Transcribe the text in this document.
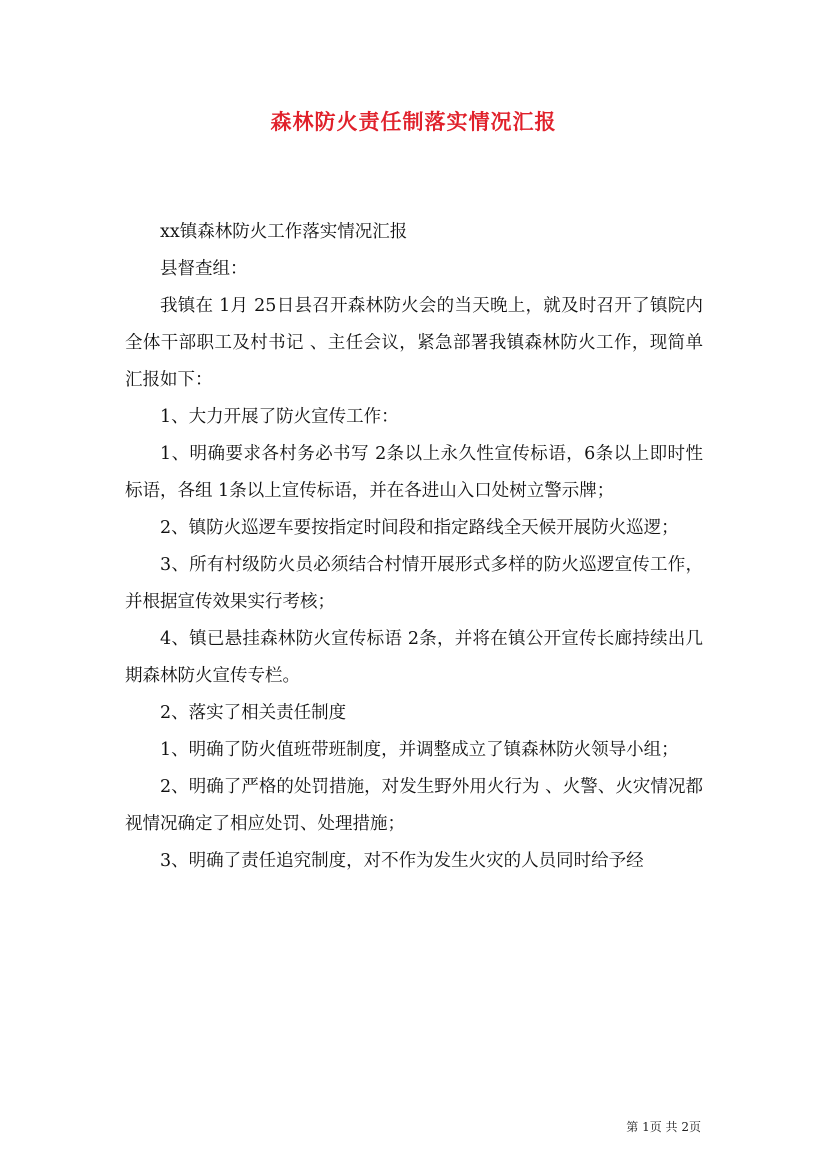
森林防火责任制落实情况汇报

xx镇森林防火工作落实情况汇报

县督查组：

我镇在 1月 25日县召开森林防火会的当天晚上，就及时召开了镇院内全体干部职工及村书记 、主任会议，紧急部署我镇森林防火工作，现简单汇报如下：

1、大力开展了防火宣传工作：

1、明确要求各村务必书写 2条以上永久性宣传标语，6条以上即时性标语，各组 1条以上宣传标语，并在各进山入口处树立警示牌；

2、镇防火巡逻车要按指定时间段和指定路线全天候开展防火巡逻；

3、所有村级防火员必须结合村情开展形式多样的防火巡逻宣传工作，并根据宣传效果实行考核；

4、镇已悬挂森林防火宣传标语 2条，并将在镇公开宣传长廊持续出几期森林防火宣传专栏。

2、落实了相关责任制度

1、明确了防火值班带班制度，并调整成立了镇森林防火领导小组；

2、明确了严格的处罚措施，对发生野外用火行为 、火警、火灾情况都视情况确定了相应处罚、处理措施；

3、明确了责任追究制度，对不作为发生火灾的人员同时给予经

第 1页 共 2页
